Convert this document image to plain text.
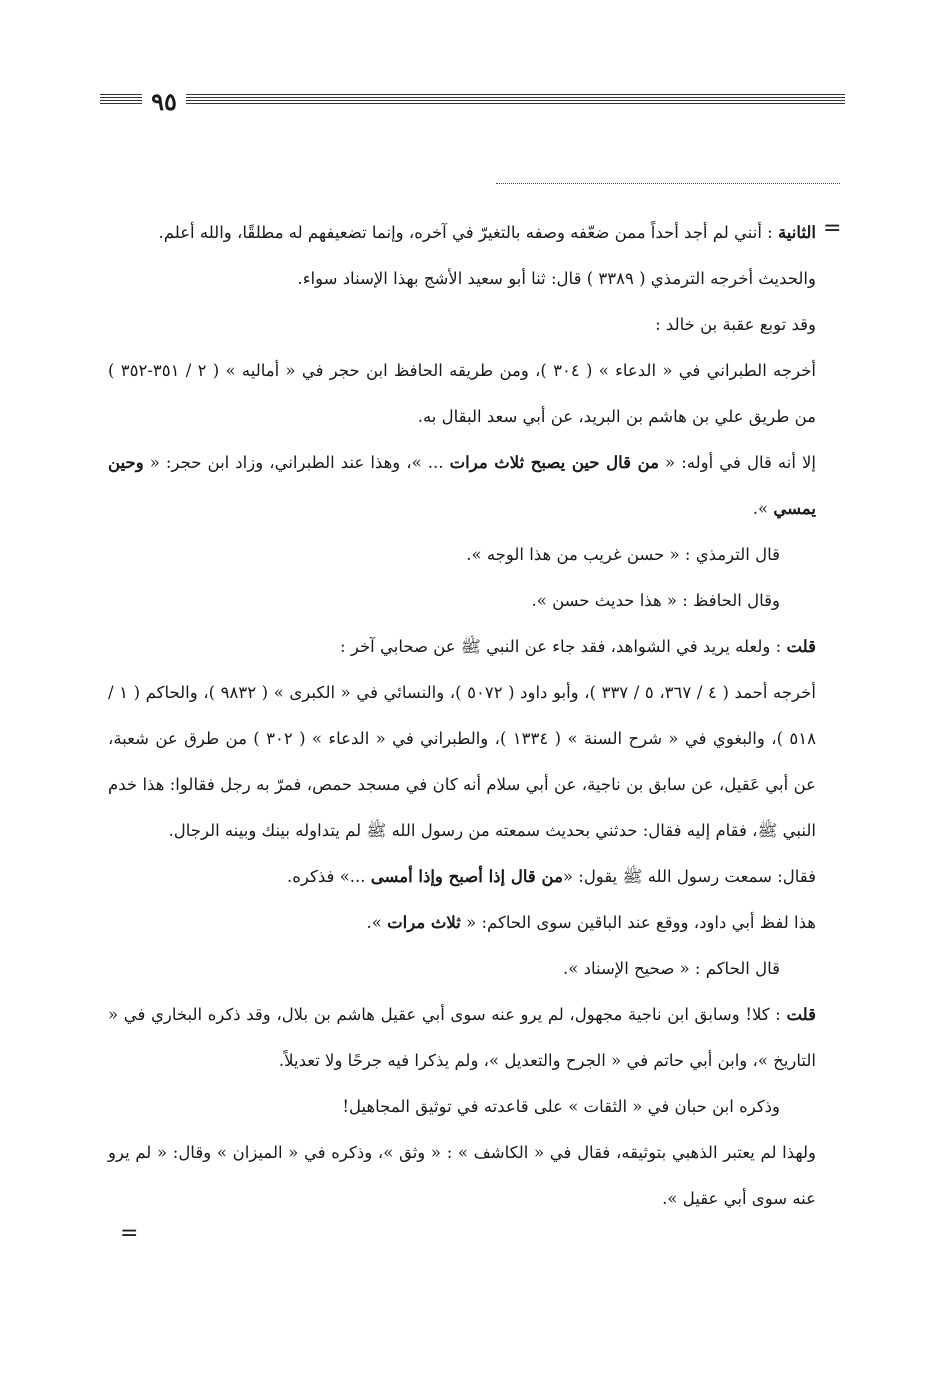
٩٥
=
=

الثانية : أنني لم أجد أحداً ممن ضعّفه وصفه بالتغيرّ في آخره، وإنما تضعيفهم له مطلقًا، والله أعلم.

والحديث أخرجه الترمذي ( ٣٣٨٩ ) قال: ثنا أبو سعيد الأشج بهذا الإسناد سواء.

وقد توبع عقبة بن خالد :

أخرجه الطبراني في « الدعاء » ( ٣٠٤ )، ومن طريقه الحافظ ابن حجر في « أماليه » ( ٢ / ٣٥١-٣٥٢ ) من طريق علي بن هاشم بن البريد، عن أبي سعد البقال به.

إلا أنه قال في أوله: « من قال حين يصبح ثلاث مرات ... »، وهذا عند الطبراني، وزاد ابن حجر: « وحين يمسي ».

قال الترمذي : « حسن غريب من هذا الوجه ».

وقال الحافظ : « هذا حديث حسن ».

قلت : ولعله يريد في الشواهد، فقد جاء عن النبي ﷺ عن صحابي آخر :

أخرجه أحمد ( ٤ / ٣٦٧، ٥ / ٣٣٧ )، وأبو داود ( ٥٠٧٢ )، والنسائي في « الكبرى » ( ٩٨٣٢ )، والحاكم ( ١ / ٥١٨ )، والبغوي في « شرح السنة » ( ١٣٣٤ )، والطبراني في « الدعاء » ( ٣٠٢ ) من طرق عن شعبة، عن أبي عَقيل، عن سابق بن ناجية، عن أبي سلام أنه كان في مسجد حمص، فمرّ به رجل فقالوا: هذا خدم النبي ﷺ، فقام إليه فقال: حدثني بحديث سمعته من رسول الله ﷺ لم يتداوله بينك وبينه الرجال.

فقال: سمعت رسول الله ﷺ يقول: «من قال إذا أصبح وإذا أمسى ...» فذكره.

هذا لفظ أبي داود، ووقع عند الباقين سوى الحاكم: « ثلاث مرات ».

قال الحاكم : « صحيح الإسناد ».

قلت : كلا! وسابق ابن ناجية مجهول، لم يرو عنه سوى أبي عقيل هاشم بن بلال، وقد ذكره البخاري في « التاريخ »، وابن أبي حاتم في « الجرح والتعديل »، ولم يذكرا فيه جرحًا ولا تعديلاً.

وذكره ابن حبان في « الثقات » على قاعدته في توثيق المجاهيل!

ولهذا لم يعتبر الذهبي بتوثيقه، فقال في « الكاشف » : « وثق »، وذكره في « الميزان » وقال: « لم يرو عنه سوى أبي عقيل ».
